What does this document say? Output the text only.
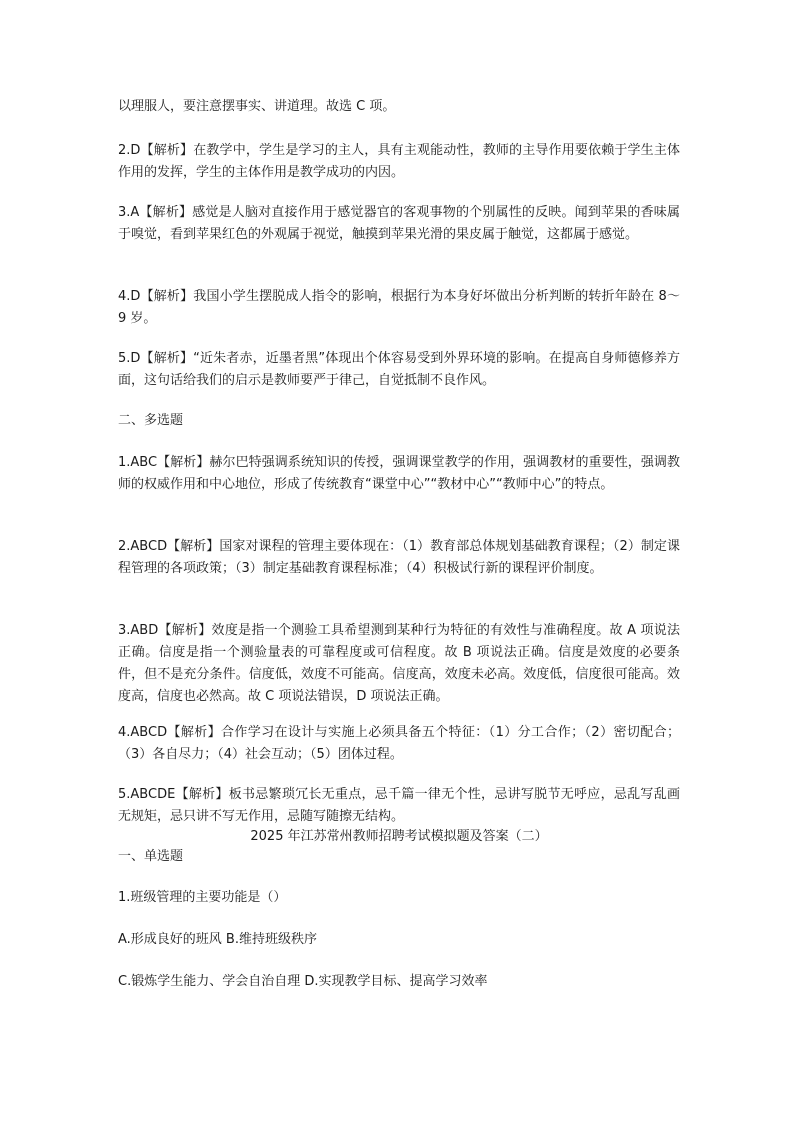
以理服人，要注意摆事实、讲道理。故选 C 项。

2.D【解析】在教学中，学生是学习的主人，具有主观能动性，教师的主导作用要依赖于学生主体作用的发挥，学生的主体作用是教学成功的内因。

3.A【解析】感觉是人脑对直接作用于感觉器官的客观事物的个别属性的反映。闻到苹果的香味属于嗅觉，看到苹果红色的外观属于视觉，触摸到苹果光滑的果皮属于触觉，这都属于感觉。

4.D【解析】我国小学生摆脱成人指令的影响，根据行为本身好坏做出分析判断的转折年龄在 8～9 岁。

5.D【解析】“近朱者赤，近墨者黑”体现出个体容易受到外界环境的影响。在提高自身师德修养方面，这句话给我们的启示是教师要严于律己，自觉抵制不良作风。

二、多选题

1.ABC【解析】赫尔巴特强调系统知识的传授，强调课堂教学的作用，强调教材的重要性，强调教师的权威作用和中心地位，形成了传统教育“课堂中心”“教材中心”“教师中心”的特点。

2.ABCD【解析】国家对课程的管理主要体现在：（1）教育部总体规划基础教育课程；（2）制定课程管理的各项政策；（3）制定基础教育课程标准；（4）积极试行新的课程评价制度。

3.ABD【解析】效度是指一个测验工具希望测到某种行为特征的有效性与准确程度。故 A 项说法正确。信度是指一个测验量表的可靠程度或可信程度。故 B 项说法正确。信度是效度的必要条件，但不是充分条件。信度低，效度不可能高。信度高，效度未必高。效度低，信度很可能高。效度高，信度也必然高。故 C 项说法错误，D 项说法正确。

4.ABCD【解析】合作学习在设计与实施上必须具备五个特征：（1）分工合作；（2）密切配合；（3）各自尽力；（4）社会互动；（5）团体过程。

5.ABCDE【解析】板书忌繁琐冗长无重点，忌千篇一律无个性，忌讲写脱节无呼应，忌乱写乱画无规矩，忌只讲不写无作用，忌随写随擦无结构。

2025 年江苏常州教师招聘考试模拟题及答案（二）

一、单选题

1.班级管理的主要功能是（）

A.形成良好的班风 B.维持班级秩序

C.锻炼学生能力、学会自治自理 D.实现教学目标、提高学习效率
